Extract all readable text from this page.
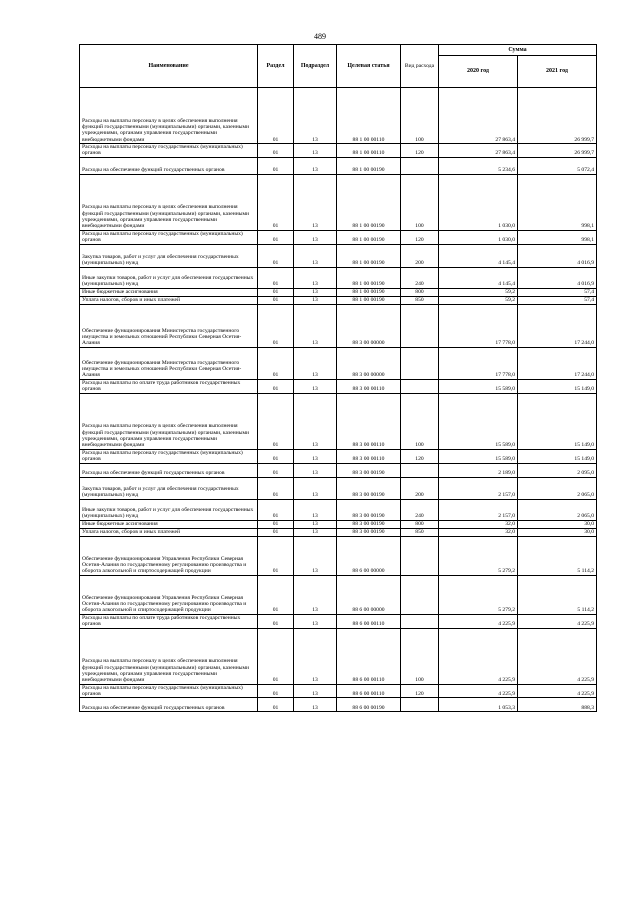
489
Наименование	Раздел	Подраздел	Целевая статья	Вид расхода	Сумма	
					2020 год	2021 год
Расходы на выплаты персоналу в целях обеспечения выполнения функций государственными (муниципальными) органами, казенными учреждениями, органами управления государственными внебюджетными фондами	01	13	88 1 00 00110	100	27 863,4	26 999,7
Расходы на выплаты персоналу государственных (муниципальных) органов	01	13	88 1 00 00110	120	27 863,4	26 999,7
Расходы на обеспечение функций государственных органов	01	13	88 1 00 00190		5 234,6	5 072,4
Расходы на выплаты персоналу в целях обеспечения выполнения функций государственными (муниципальными) органами, казенными учреждениями, органами управления государственными внебюджетными фондами	01	13	88 1 00 00190	100	1 030,0	998,1
Расходы на выплаты персоналу государственных (муниципальных) органов	01	13	88 1 00 00190	120	1 030,0	998,1
Закупка товаров, работ и услуг для обеспечения государственных (муниципальных) нужд	01	13	88 1 00 00190	200	4 145,4	4 016,9
Иные закупки товаров, работ и услуг для обеспечения государственных (муниципальных) нужд	01	13	88 1 00 00190	240	4 145,4	4 016,9
Иные бюджетные ассигнования	01	13	88 1 00 00190	800	59,2	57,4
Уплата налогов, сборов и иных платежей	01	13	88 1 00 00190	850	59,2	57,4
Обеспечение функционирования Министерства государственного имущества и земельных отношений Республики Северная Осетия-Алания	01	13	88 3 00 00000		17 778,0	17 244,0
Обеспечение функционирования Министерства государственного имущества и земельных отношений Республики Северная Осетия-Алания	01	13	88 3 00 00000		17 778,0	17 244,0
Расходы на выплаты по оплате труда работников государственных органов	01	13	88 3 00 00110		15 589,0	15 149,0
Расходы на выплаты персоналу в целях обеспечения выполнения функций государственными (муниципальными) органами, казенными учреждениями, органами управления государственными внебюджетными фондами	01	13	88 3 00 00110	100	15 589,0	15 149,0
Расходы на выплаты персоналу государственных (муниципальных) органов	01	13	88 3 00 00110	120	15 589,0	15 149,0
Расходы на обеспечение функций государственных органов	01	13	88 3 00 00190		2 189,0	2 095,0
Закупка товаров, работ и услуг для обеспечения государственных (муниципальных) нужд	01	13	88 3 00 00190	200	2 157,0	2 065,0
Иные закупки товаров, работ и услуг для обеспечения государственных (муниципальных) нужд	01	13	88 3 00 00190	240	2 157,0	2 065,0
Иные бюджетные ассигнования	01	13	88 3 00 00190	800	32,0	30,0
Уплата налогов, сборов и иных платежей	01	13	88 3 00 00190	850	32,0	30,0
Обеспечение функционирования Управления Республики Северная Осетия-Алания по государственному регулированию производства и оборота алкогольной и спиртосодержащей продукции	01	13	88 6 00 00000		5 279,2	5 114,2
Обеспечение функционирования Управления Республики Северная Осетия-Алания по государственному регулированию производства и оборота алкогольной и спиртосодержащей продукции	01	13	88 6 00 00000		5 279,2	5 114,2
Расходы на выплаты по оплате труда работников государственных органов	01	13	88 6 00 00110		4 225,9	4 225,9
Расходы на выплаты персоналу в целях обеспечения выполнения функций государственными (муниципальными) органами, казенными учреждениями, органами управления государственными внебюджетными фондами	01	13	88 6 00 00110	100	4 225,9	4 225,9
Расходы на выплаты персоналу государственных (муниципальных) органов	01	13	88 6 00 00110	120	4 225,9	4 225,9
Расходы на обеспечение функций государственных органов	01	13	88 6 00 00190		1 053,3	888,3
